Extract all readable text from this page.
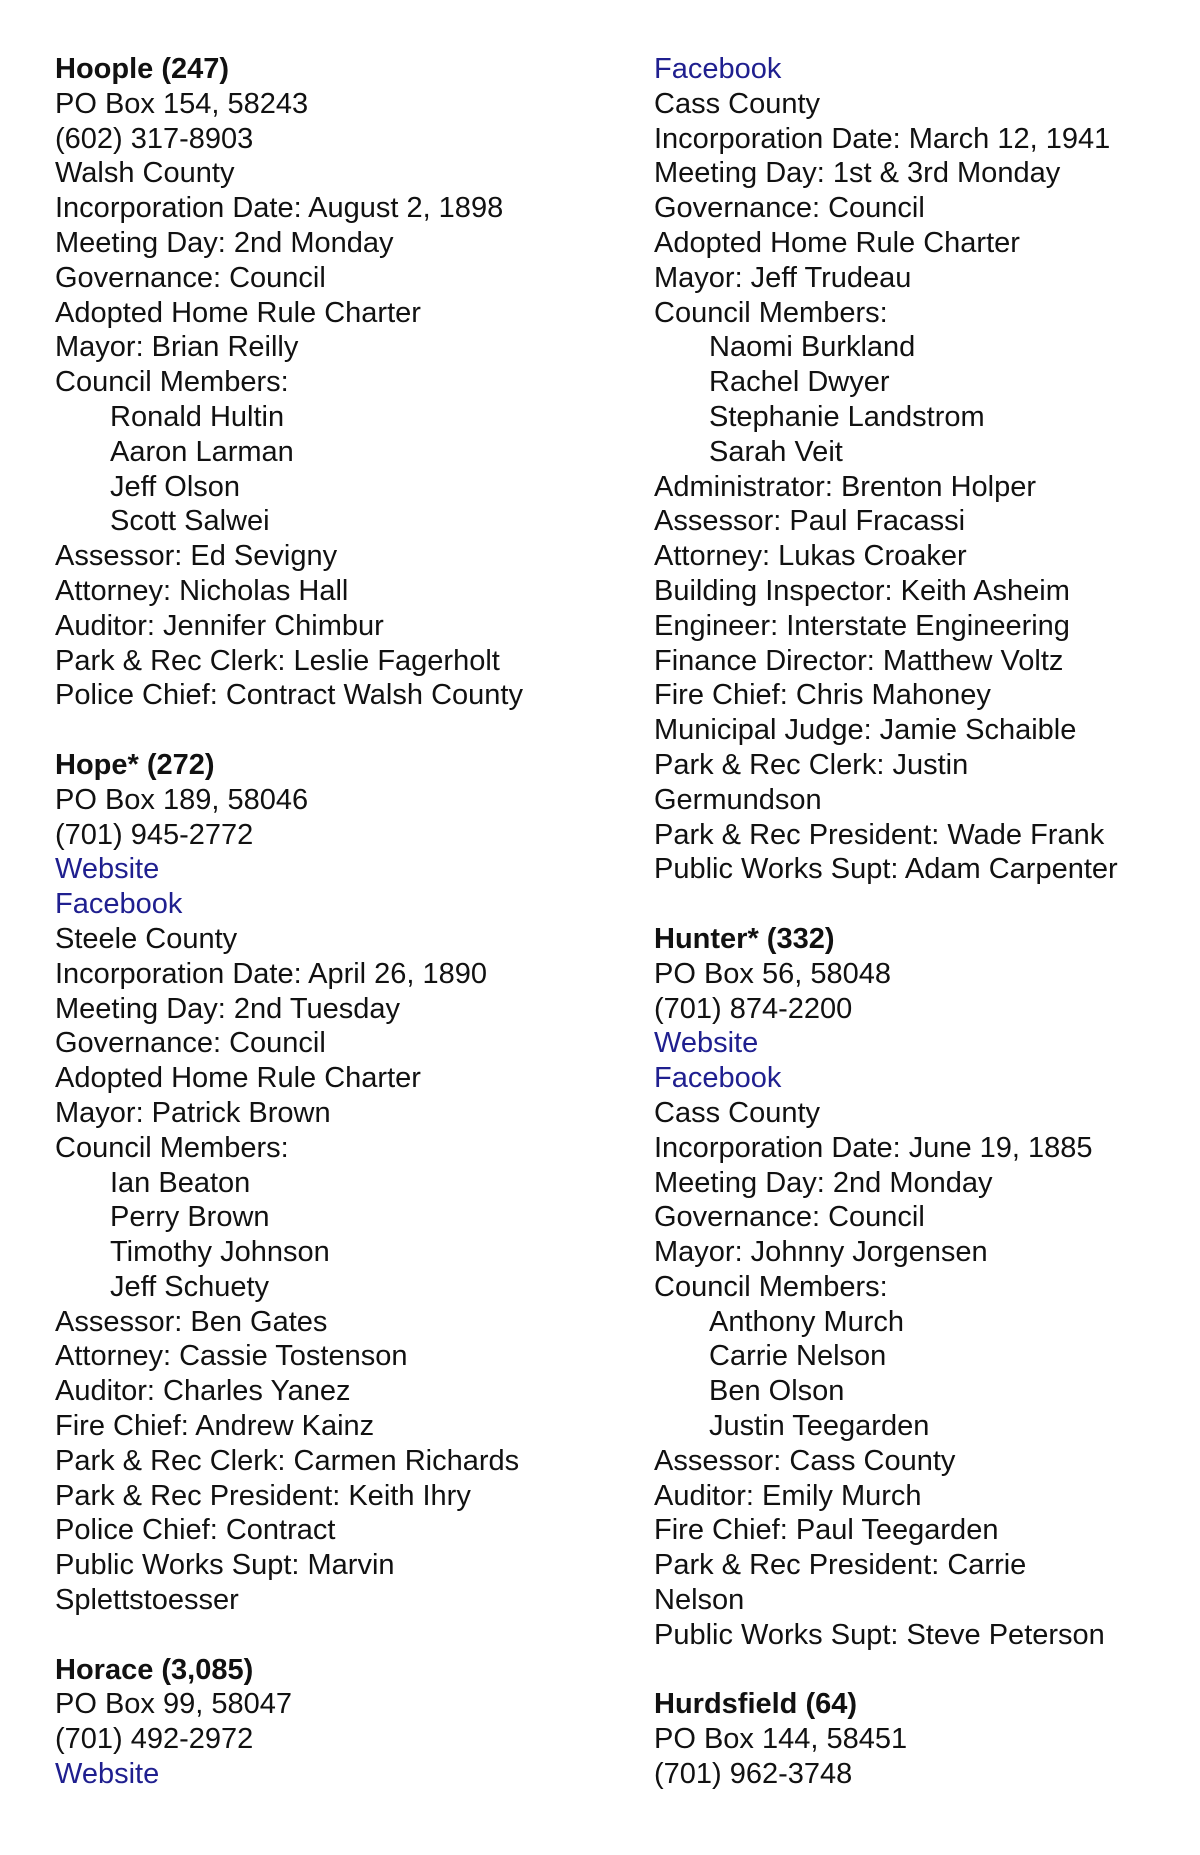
Hoople (247)
PO Box 154, 58243
(602) 317-8903
Walsh County
Incorporation Date: August 2, 1898
Meeting Day: 2nd Monday
Governance: Council
Adopted Home Rule Charter
Mayor: Brian Reilly
Council Members:
Ronald Hultin
Aaron Larman
Jeff Olson
Scott Salwei
Assessor: Ed Sevigny
Attorney: Nicholas Hall
Auditor: Jennifer Chimbur
Park & Rec Clerk: Leslie Fagerholt
Police Chief: Contract Walsh County
Hope* (272)
PO Box 189, 58046
(701) 945-2772
Website
Facebook
Steele County
Incorporation Date: April 26, 1890
Meeting Day: 2nd Tuesday
Governance: Council
Adopted Home Rule Charter
Mayor: Patrick Brown
Council Members:
Ian Beaton
Perry Brown
Timothy Johnson
Jeff Schuety
Assessor: Ben Gates
Attorney: Cassie Tostenson
Auditor: Charles Yanez
Fire Chief: Andrew Kainz
Park & Rec Clerk: Carmen Richards
Park & Rec President: Keith Ihry
Police Chief: Contract
Public Works Supt: Marvin
Splettstoesser
Horace (3,085)
PO Box 99, 58047
(701) 492-2972
Website
Facebook
Cass County
Incorporation Date: March 12, 1941
Meeting Day: 1st & 3rd Monday
Governance: Council
Adopted Home Rule Charter
Mayor: Jeff Trudeau
Council Members:
Naomi Burkland
Rachel Dwyer
Stephanie Landstrom
Sarah Veit
Administrator: Brenton Holper
Assessor: Paul Fracassi
Attorney: Lukas Croaker
Building Inspector: Keith Asheim
Engineer: Interstate Engineering
Finance Director: Matthew Voltz
Fire Chief: Chris Mahoney
Municipal Judge: Jamie Schaible
Park & Rec Clerk: Justin
Germundson
Park & Rec President: Wade Frank
Public Works Supt: Adam Carpenter
Hunter* (332)
PO Box 56, 58048
(701) 874-2200
Website
Facebook
Cass County
Incorporation Date: June 19, 1885
Meeting Day: 2nd Monday
Governance: Council
Mayor: Johnny Jorgensen
Council Members:
Anthony Murch
Carrie Nelson
Ben Olson
Justin Teegarden
Assessor: Cass County
Auditor: Emily Murch
Fire Chief: Paul Teegarden
Park & Rec President: Carrie
Nelson
Public Works Supt: Steve Peterson
Hurdsfield (64)
PO Box 144, 58451
(701) 962-3748
